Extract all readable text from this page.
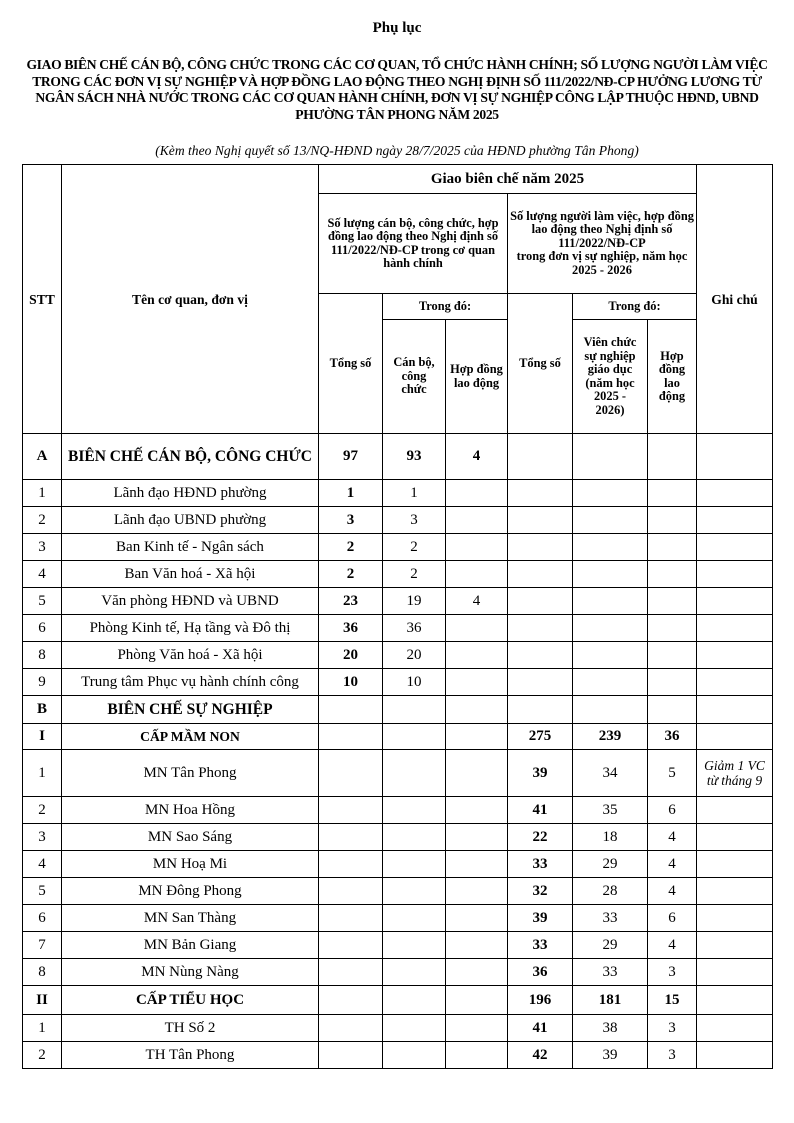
Phụ lục
GIAO BIÊN CHẾ CÁN BỘ, CÔNG CHỨC TRONG CÁC CƠ QUAN, TỔ CHỨC HÀNH CHÍNH; SỐ LƯỢNG NGƯỜI LÀM VIỆC TRONG CÁC ĐƠN VỊ SỰ NGHIỆP VÀ HỢP ĐỒNG LAO ĐỘNG THEO NGHỊ ĐỊNH SỐ 111/2022/NĐ-CP HƯỞNG LƯƠNG TỪ NGÂN SÁCH NHÀ NƯỚC TRONG CÁC CƠ QUAN HÀNH CHÍNH, ĐƠN VỊ SỰ NGHIỆP CÔNG LẬP THUỘC HĐND, UBND PHƯỜNG TÂN PHONG NĂM 2025
(Kèm theo Nghị quyết số 13/NQ-HĐND ngày 28/7/2025 của HĐND phường Tân Phong)
STT	Tên cơ quan, đơn vị	Giao biên chế năm 2025						Ghi chú
		Số lượng cán bộ, công chức, hợp đồng lao động theo Nghị định số 111/2022/NĐ-CP trong cơ quan hành chính			Số lượng người làm việc, hợp đồng lao động theo Nghị định số 111/2022/NĐ-CP
trong đơn vị sự nghiệp, năm học 2025 - 2026			
		Tổng số	Trong đó:		Tổng số	Trong đó:		
			Cán bộ, công chức	Hợp đồng lao động		Viên chức sự nghiệp giáo dục (năm học 2025 - 2026)	Hợp đồng lao động	
A	BIÊN CHẾ CÁN BỘ, CÔNG CHỨC	97	93	4				
1	Lãnh đạo HĐND phường	1	1					
2	Lãnh đạo UBND phường	3	3					
3	Ban Kinh tế - Ngân sách	2	2					
4	Ban Văn hoá - Xã hội	2	2					
5	Văn phòng HĐND và UBND	23	19	4				
6	Phòng Kinh tế, Hạ tầng và Đô thị	36	36					
8	Phòng Văn hoá - Xã hội	20	20					
9	Trung tâm Phục vụ hành chính công	10	10					
B	BIÊN CHẾ SỰ NGHIỆP							
I	CẤP MẦM NON				275	239	36	
1	MN Tân Phong				39	34	5	Giảm 1 VC từ tháng 9
2	MN Hoa Hồng				41	35	6	
3	MN Sao Sáng				22	18	4	
4	MN Hoạ Mi				33	29	4	
5	MN Đông Phong				32	28	4	
6	MN San Thàng				39	33	6	
7	MN Bản Giang				33	29	4	
8	MN Nùng Nàng				36	33	3	
II	CẤP TIỂU HỌC				196	181	15	
1	TH Số 2				41	38	3	
2	TH Tân Phong				42	39	3	
